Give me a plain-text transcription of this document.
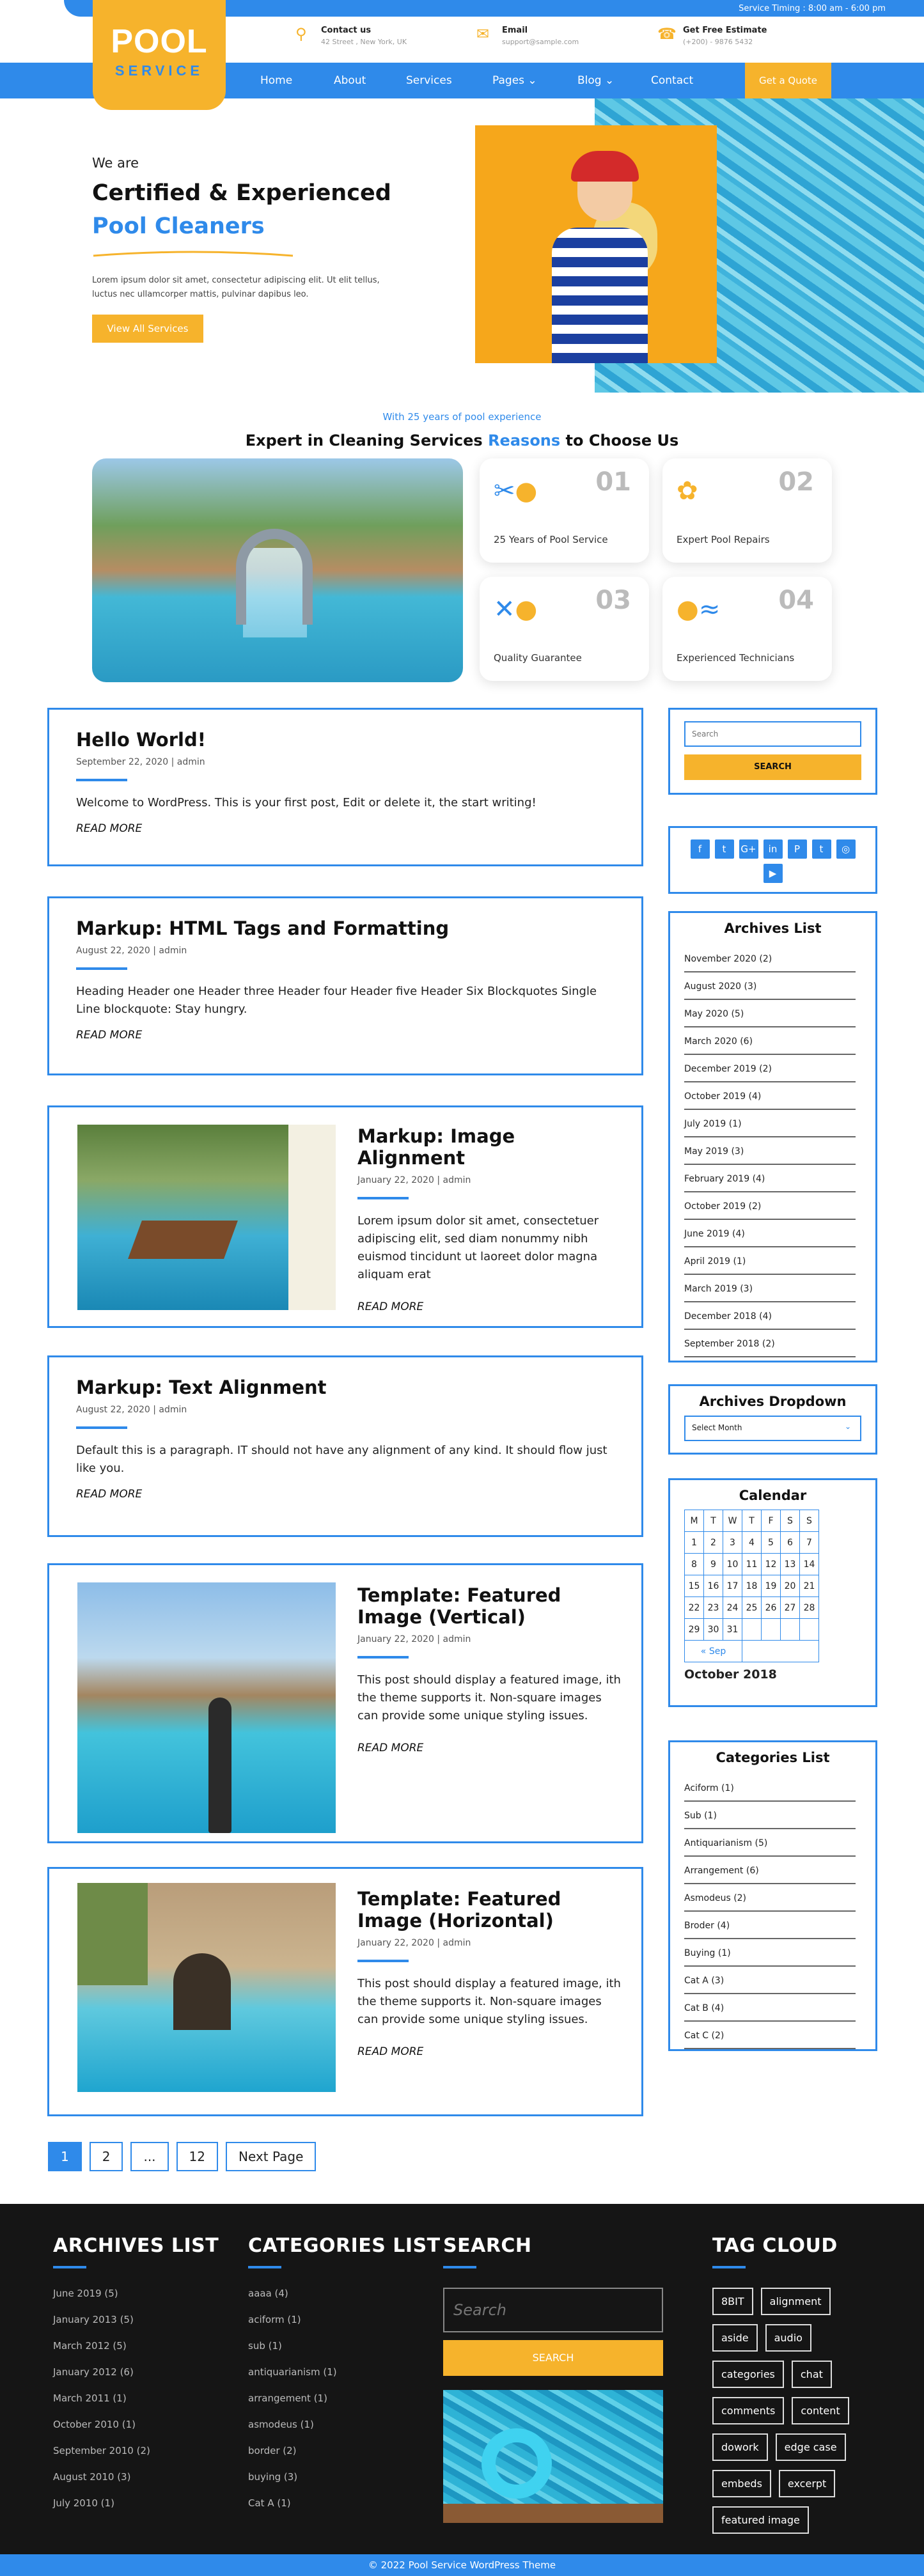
Service Timing : 8:00 am - 6:00 pm
POOL
SERVICE
⚲	Contact us
42 Street , New York, UK	✉	Email
support@sample.com	☎ Get Free Estimate
(+200) - 9876 5432
Home	About	Services	Pages ⌄	Blog ⌄	Contact	Get a Quote
We are
Certified & Experienced
Pool Cleaners
Lorem ipsum dolor sit amet, consectetur adipiscing elit. Ut elit tellus, luctus nec ullamcorper mattis, pulvinar dapibus leo.
View All Services
With 25 years of pool experience
Expert in Cleaning Services Reasons to Choose Us
✂● 01
25 Years of Pool Service
✿	02
Expert Pool Repairs
✕● 03
Quality Guarantee
●≈ 04
Experienced Technicians
Hello World!
September 22, 2020 | admin
Welcome to WordPress. This is your first post, Edit or delete it, the start writing!
READ MORE
Markup: HTML Tags and Formatting
August 22, 2020 | admin
Heading Header one Header three Header four Header five Header Six Blockquotes Single Line blockquote: Stay hungry.
READ MORE
Markup: Image Alignment
January 22, 2020 | admin
Lorem ipsum dolor sit amet, consectetuer adipiscing elit, sed diam nonummy nibh euismod tincidunt ut laoreet dolor magna aliquam erat
READ MORE
Markup: Text Alignment
August 22, 2020 | admin
Default this is a paragraph. IT should not have any alignment of any kind. It should flow just like you.
READ MORE
Template: Featured Image (Vertical)
January 22, 2020 | admin
This post should display a featured image, ith the theme supports it. Non-square images can provide some unique styling issues.
READ MORE
Template: Featured Image (Horizontal)
January 22, 2020 | admin
This post should display a featured image, ith the theme supports it. Non-square images can provide some unique styling issues.
READ MORE
1	2	...	12	Next Page
Search
SEARCH
f	t	G+	in	P	t	◎
▶
Archives List
November 2020 (2)
August 2020 (3)
May 2020 (5)
March 2020 (6)
December 2019 (2)
October 2019 (4)
July 2019 (1)
May 2019 (3)
February 2019 (4)
October 2019 (2)
June 2019 (4)
April 2019 (1)
March 2019 (3)
December 2018 (4)
September 2018 (2)
Archives Dropdown
Select Month	⌄
Calendar
M	T	W	T	F	S	S
1	2	3	4	5	6	7
8	9	10	11	12	13	14
15	16	17	18	19	20	21
22	23	24	25	26	27	28
29	30	31				
« Sep						
October 2018
Categories List
Aciform (1)
Sub (1)
Antiquarianism (5)
Arrangement (6)
Asmodeus (2)
Broder (4)
Buying (1)
Cat A (3)
Cat B (4)
Cat C (2)
ARCHIVES LIST
June 2019 (5)
January 2013 (5)
March 2012 (5)
January 2012 (6)
March 2011 (1)
October 2010 (1)
September 2010 (2)
August 2010 (3)
July 2010 (1)
CATEGORIES LIST
aaaa (4)
aciform (1)
sub (1)
antiquarianism (1)
arrangement (1)
asmodeus (1)
border (2)
buying (3)
Cat A (1)
SEARCH
Search
SEARCH
TAG CLOUD
8BIT	alignment
aside	audio
categories	chat
comments	content
dowork	edge case
embeds	excerpt
featured image
© 2022 Pool Service WordPress Theme
